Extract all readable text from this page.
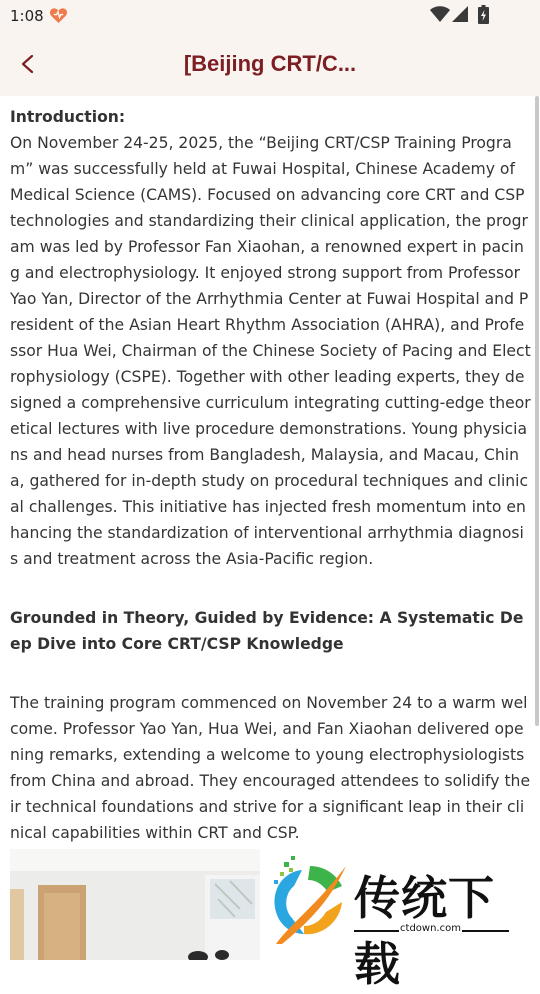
1:08
[Beijing CRT/C...

Introduction:

On November 24-25, 2025, the “Beijing CRT/CSP Training Program” was successfully held at Fuwai Hospital, Chinese Academy of Medical Science (CAMS). Focused on advancing core CRT and CSP technologies and standardizing their clinical application, the program was led by Professor Fan Xiaohan, a renowned expert in pacing and electrophysiology. It enjoyed strong support from Professor Yao Yan, Director of the Arrhythmia Center at Fuwai Hospital and President of the Asian Heart Rhythm Association (AHRA), and Professor Hua Wei, Chairman of the Chinese Society of Pacing and Electrophysiology (CSPE). Together with other leading experts, they designed a comprehensive curriculum integrating cutting-edge theoretical lectures with live procedure demonstrations. Young physicians and head nurses from Bangladesh, Malaysia, and Macau, China, gathered for in-depth study on procedural techniques and clinical challenges. This initiative has injected fresh momentum into enhancing the standardization of interventional arrhythmia diagnosis and treatment across the Asia-Pacific region.

Grounded in Theory, Guided by Evidence: A Systematic Deep Dive into Core CRT/CSP Knowledge

The training program commenced on November 24 to a warm welcome. Professor Yao Yan, Hua Wei, and Fan Xiaohan delivered opening remarks, extending a welcome to young electrophysiologists from China and abroad. They encouraged attendees to solidify their technical foundations and strive for a significant leap in their clinical capabilities within CRT and CSP.

传统下载
ctdown.com
